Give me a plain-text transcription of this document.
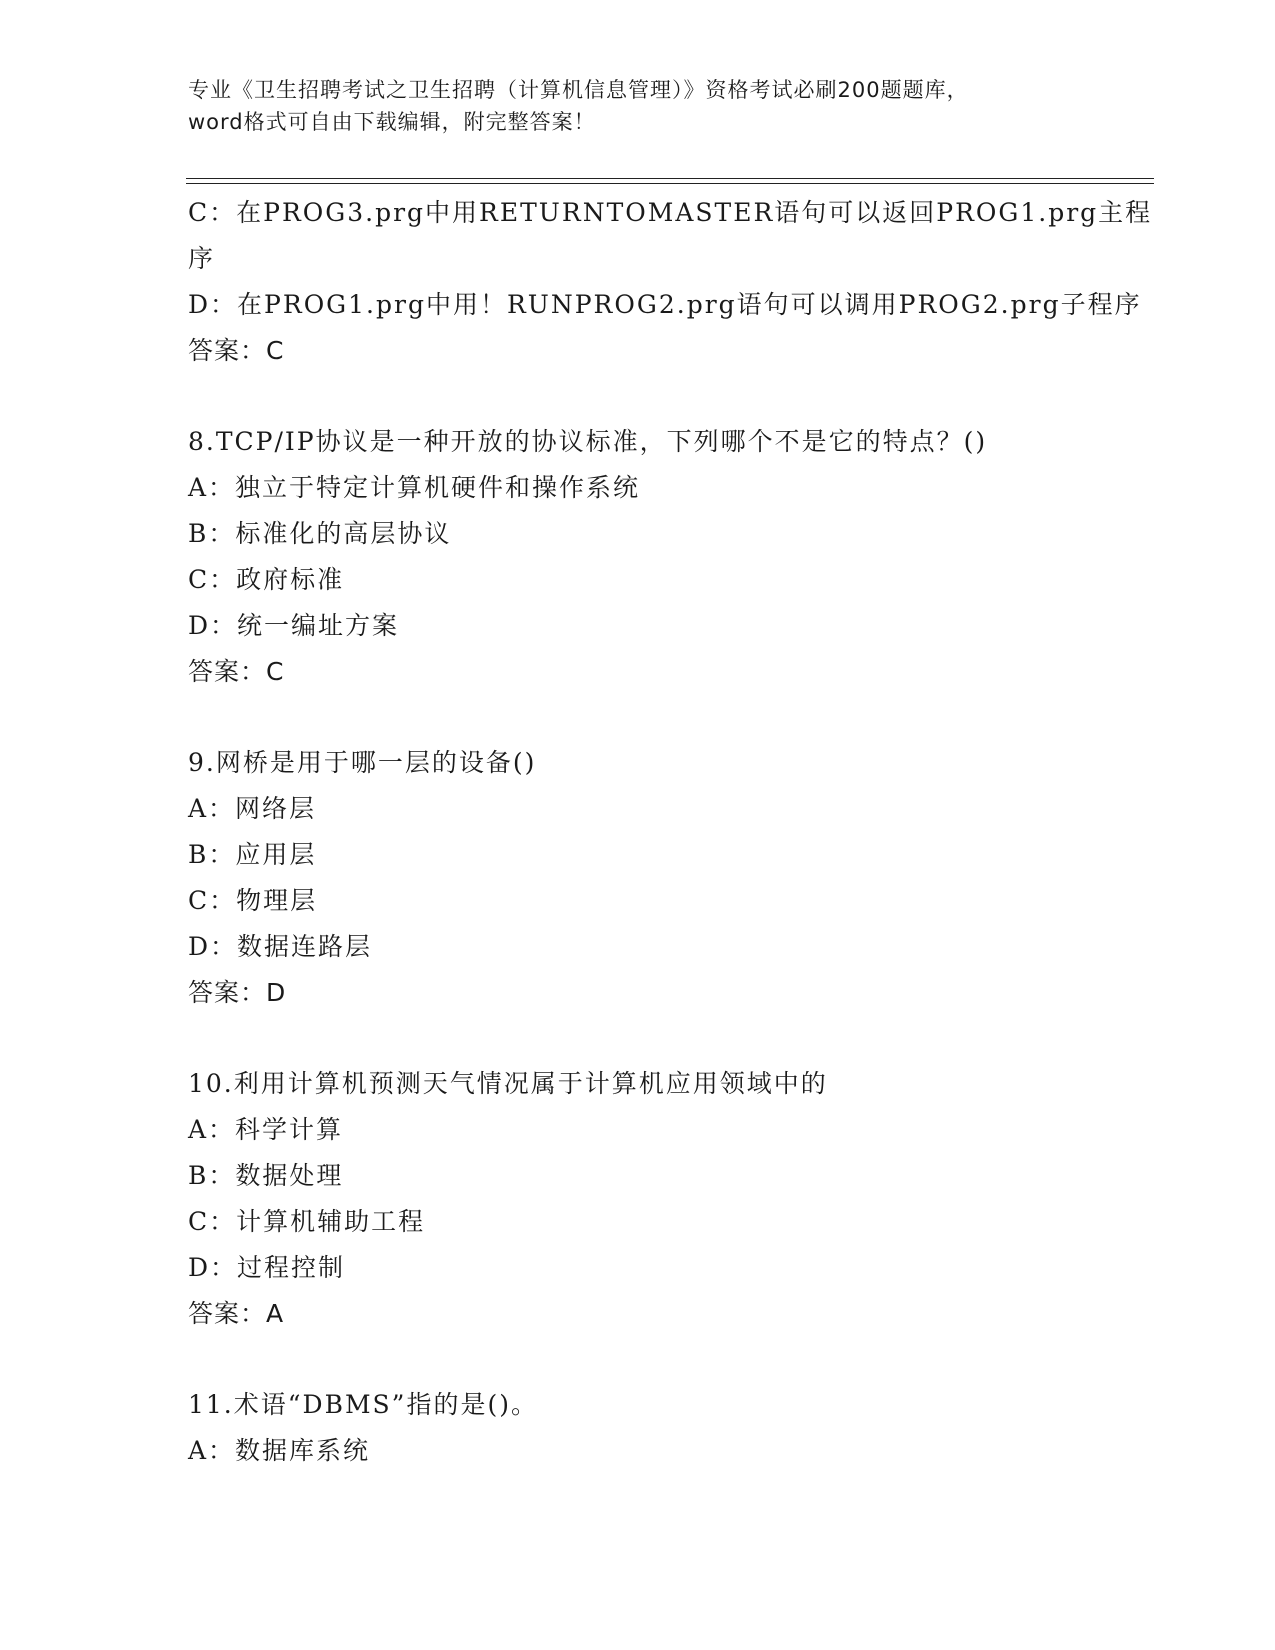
专业《卫生招聘考试之卫生招聘（计算机信息管理）》资格考试必刷200题题库，
word格式可自由下载编辑，附完整答案！
C：在PROG3.prg中用RETURNTOMASTER语句可以返回PROG1.prg主程
序
D：在PROG1.prg中用！RUNPROG2.prg语句可以调用PROG2.prg子程序
答案：C
8.TCP/IP协议是一种开放的协议标准，下列哪个不是它的特点？()
A：独立于特定计算机硬件和操作系统
B：标准化的高层协议
C：政府标准
D：统一编址方案
答案：C
9.网桥是用于哪一层的设备()
A：网络层
B：应用层
C：物理层
D：数据连路层
答案：D
10.利用计算机预测天气情况属于计算机应用领域中的
A：科学计算
B：数据处理
C：计算机辅助工程
D：过程控制
答案：A
11.术语“DBMS”指的是()。
A：数据库系统
